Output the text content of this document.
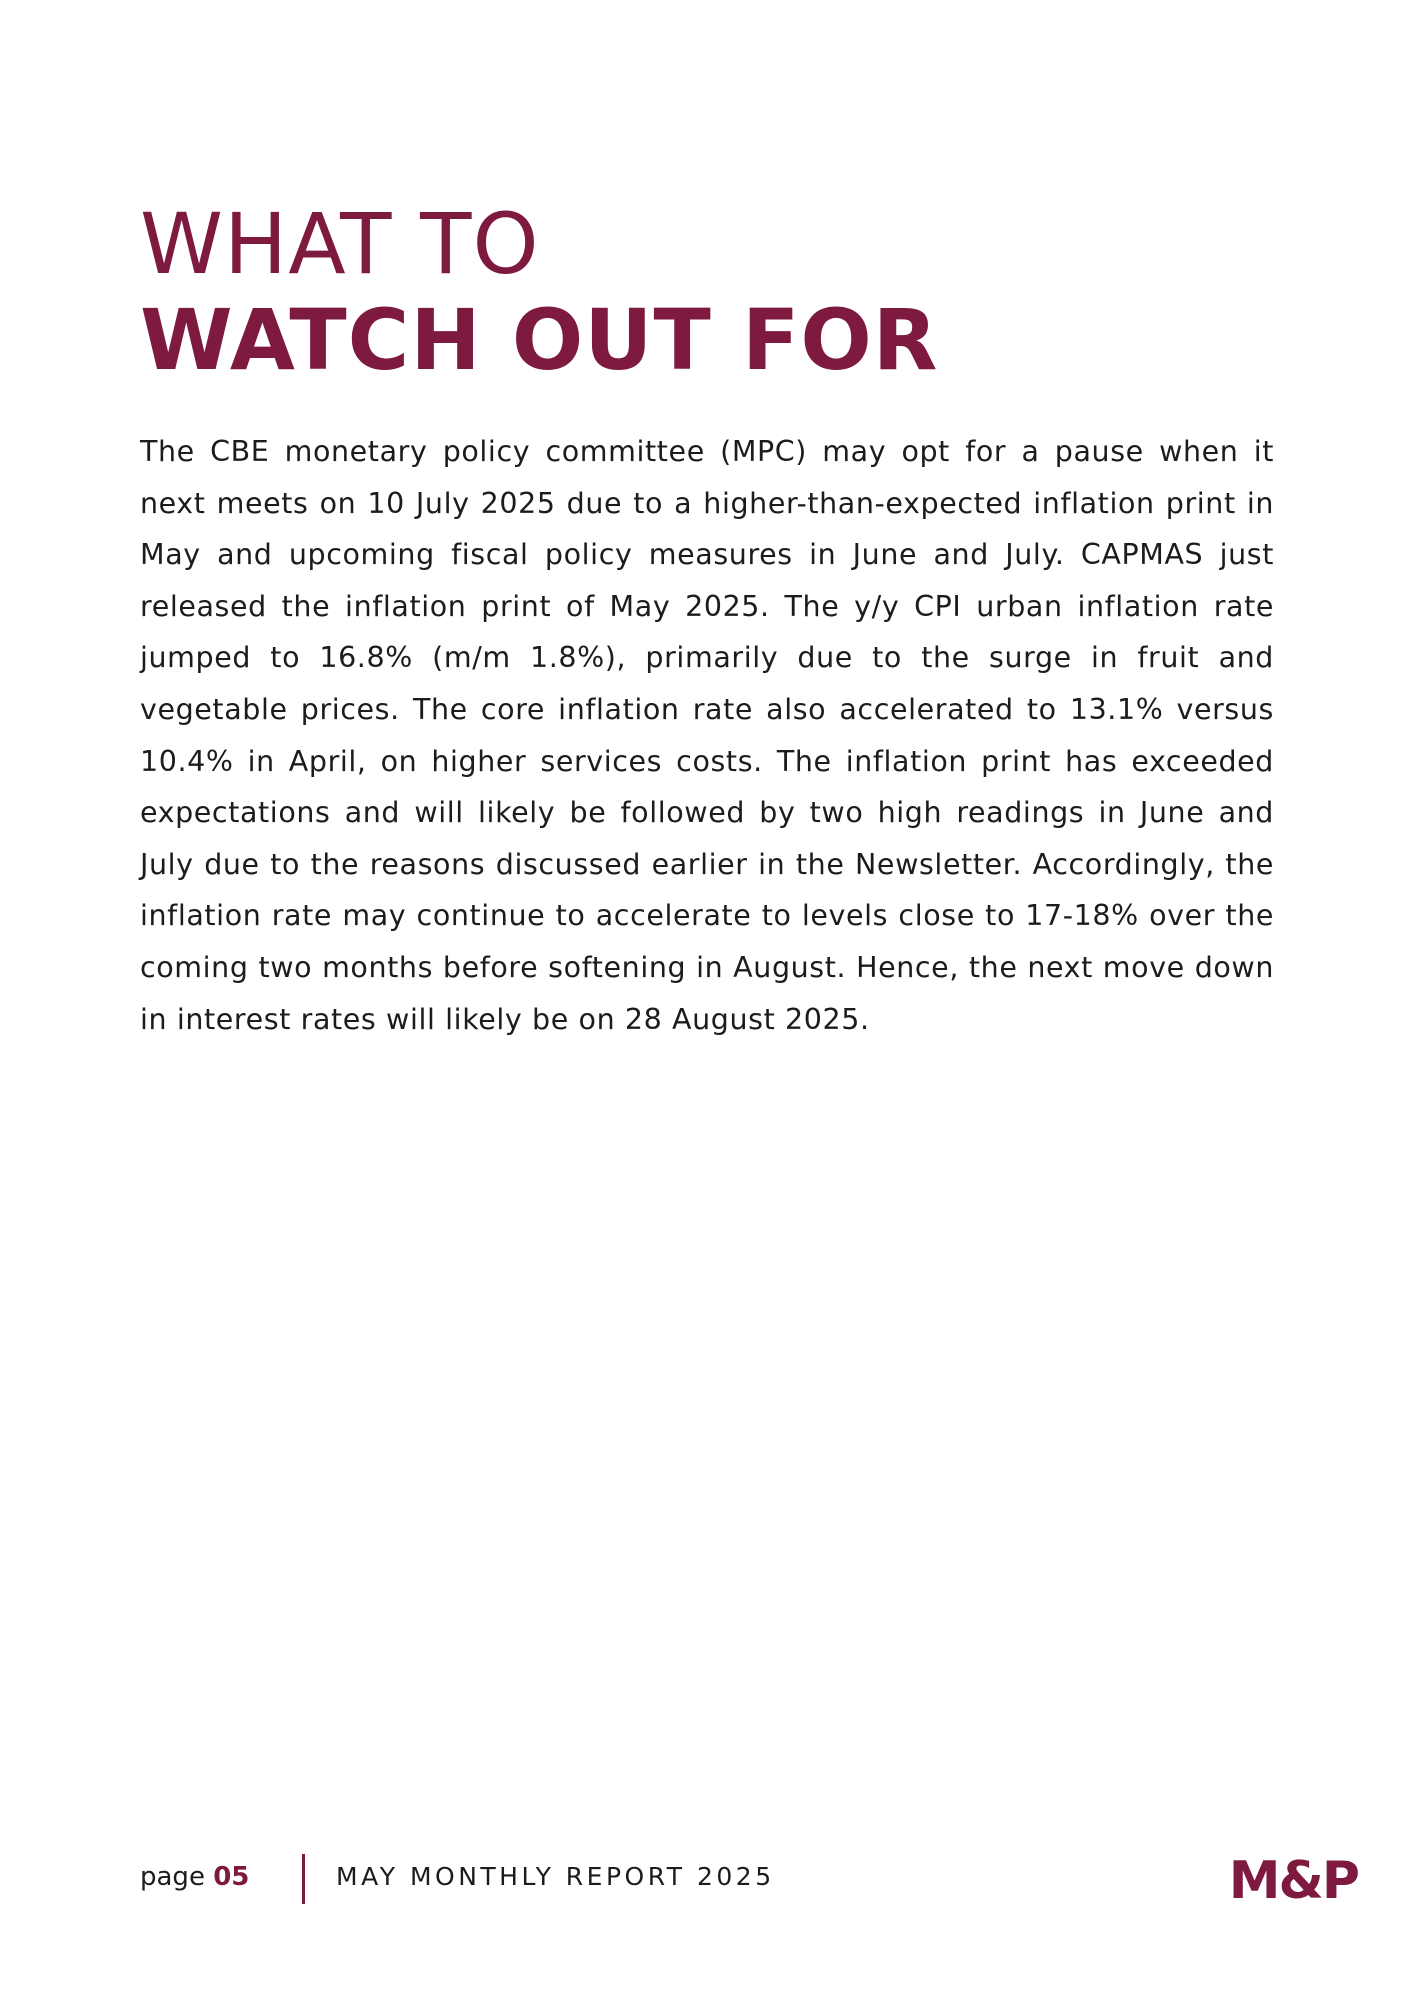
WHAT TO
WATCH OUT FOR

The CBE monetary policy committee (MPC) may opt for a pause when it next meets on 10 July 2025 due to a higher-than-expected inflation print in May and upcoming fiscal policy measures in June and July. CAPMAS just released the inflation print of May 2025. The y/y CPI urban inflation rate jumped to 16.8% (m/m 1.8%), primarily due to the surge in fruit and vegetable prices. The core inflation rate also accelerated to 13.1% versus 10.4% in April, on higher services costs. The inflation print has exceeded expectations and will likely be followed by two high readings in June and July due to the reasons discussed earlier in the Newsletter. Accordingly, the inflation rate may continue to accelerate to levels close to 17-18% over the coming two months before softening in August. Hence, the next move down in interest rates will likely be on 28 August 2025.

page 05	MAY MONTHLY REPORT 2025	M&P
